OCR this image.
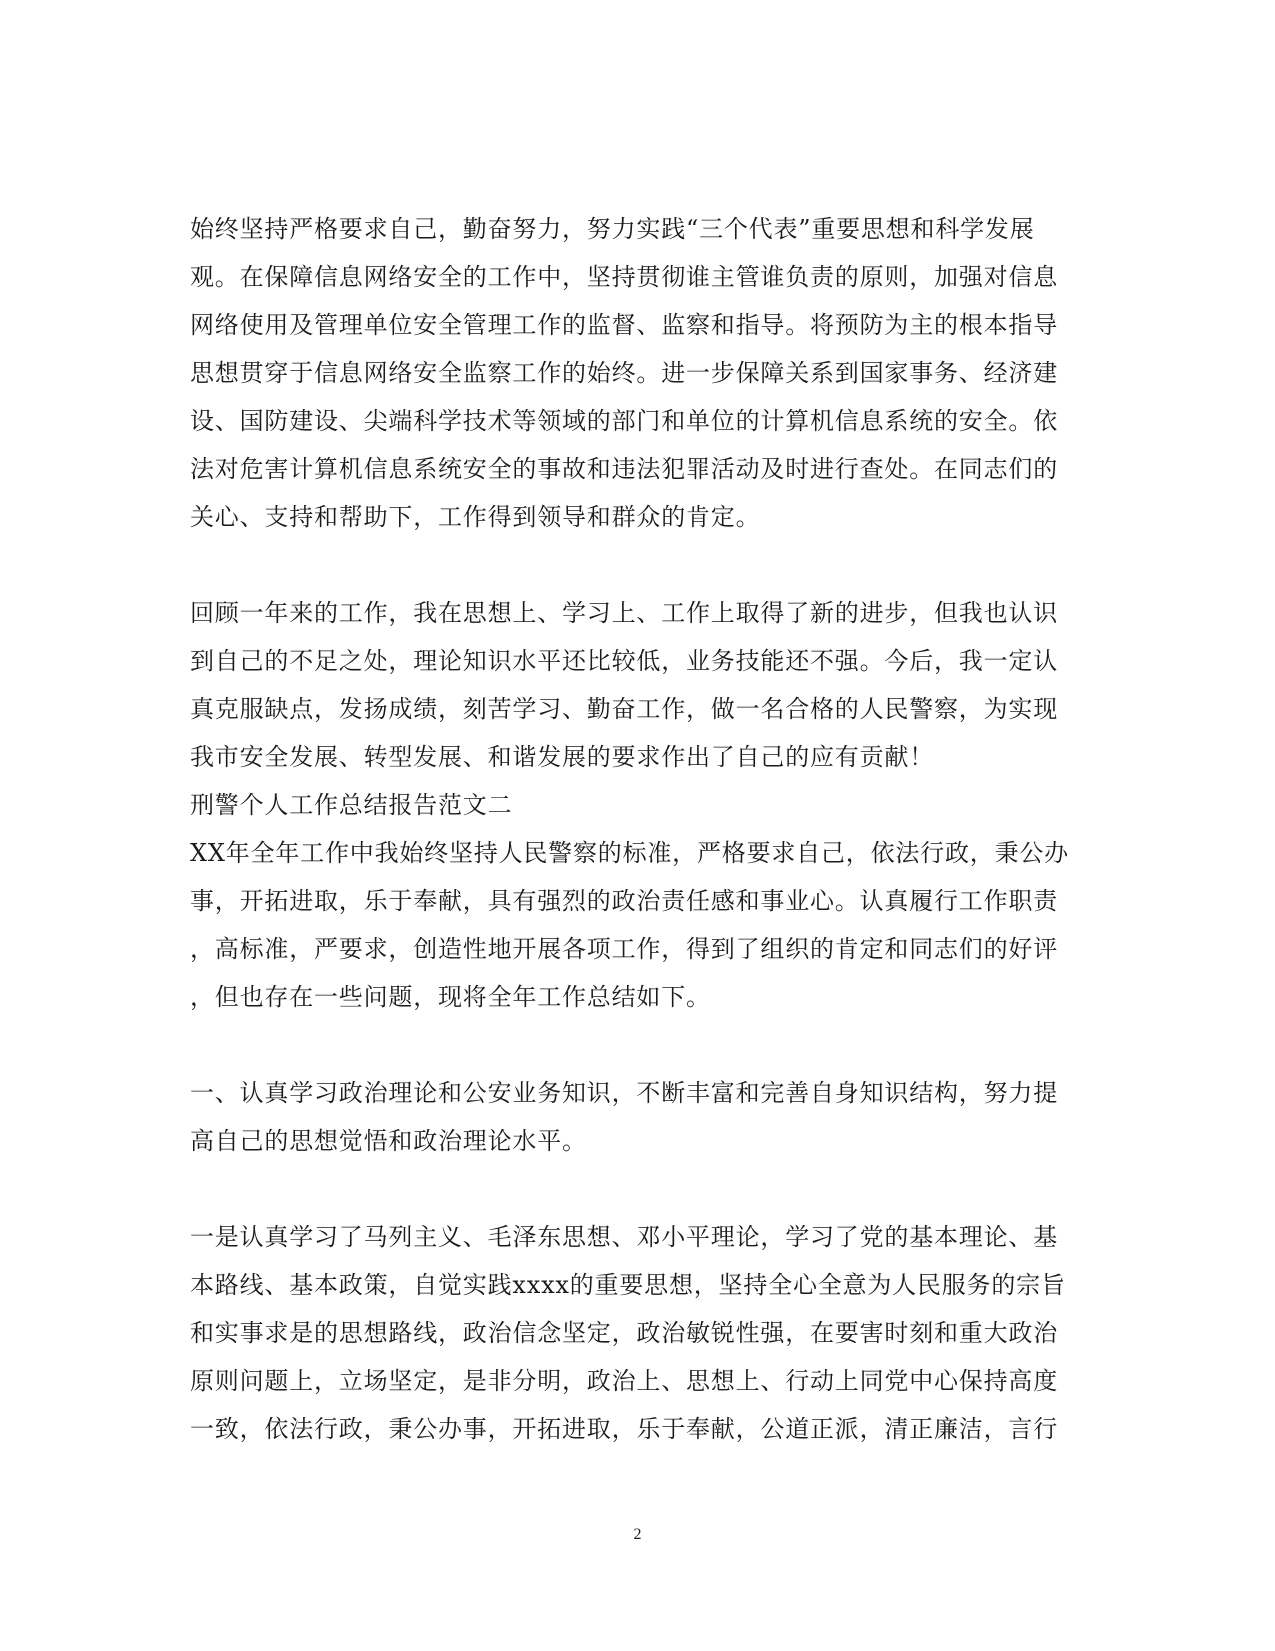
始终坚持严格要求自己，勤奋努力，努力实践“三个代表”重要思想和科学发展
观。在保障信息网络安全的工作中，坚持贯彻谁主管谁负责的原则，加强对信息
网络使用及管理单位安全管理工作的监督、监察和指导。将预防为主的根本指导
思想贯穿于信息网络安全监察工作的始终。进一步保障关系到国家事务、经济建
设、国防建设、尖端科学技术等领域的部门和单位的计算机信息系统的安全。依
法对危害计算机信息系统安全的事故和违法犯罪活动及时进行查处。在同志们的
关心、支持和帮助下，工作得到领导和群众的肯定。
回顾一年来的工作，我在思想上、学习上、工作上取得了新的进步，但我也认识
到自己的不足之处，理论知识水平还比较低，业务技能还不强。今后，我一定认
真克服缺点，发扬成绩，刻苦学习、勤奋工作，做一名合格的人民警察，为实现
我市安全发展、转型发展、和谐发展的要求作出了自己的应有贡献！
刑警个人工作总结报告范文二
XX年全年工作中我始终坚持人民警察的标准，严格要求自己，依法行政，秉公办
事，开拓进取，乐于奉献，具有强烈的政治责任感和事业心。认真履行工作职责
，高标准，严要求，创造性地开展各项工作，得到了组织的肯定和同志们的好评
，但也存在一些问题，现将全年工作总结如下。
一、认真学习政治理论和公安业务知识，不断丰富和完善自身知识结构，努力提
高自己的思想觉悟和政治理论水平。
一是认真学习了马列主义、毛泽东思想、邓小平理论，学习了党的基本理论、基
本路线、基本政策，自觉实践xxxx的重要思想，坚持全心全意为人民服务的宗旨
和实事求是的思想路线，政治信念坚定，政治敏锐性强，在要害时刻和重大政治
原则问题上，立场坚定，是非分明，政治上、思想上、行动上同党中心保持高度
一致，依法行政，秉公办事，开拓进取，乐于奉献，公道正派，清正廉洁，言行
2
